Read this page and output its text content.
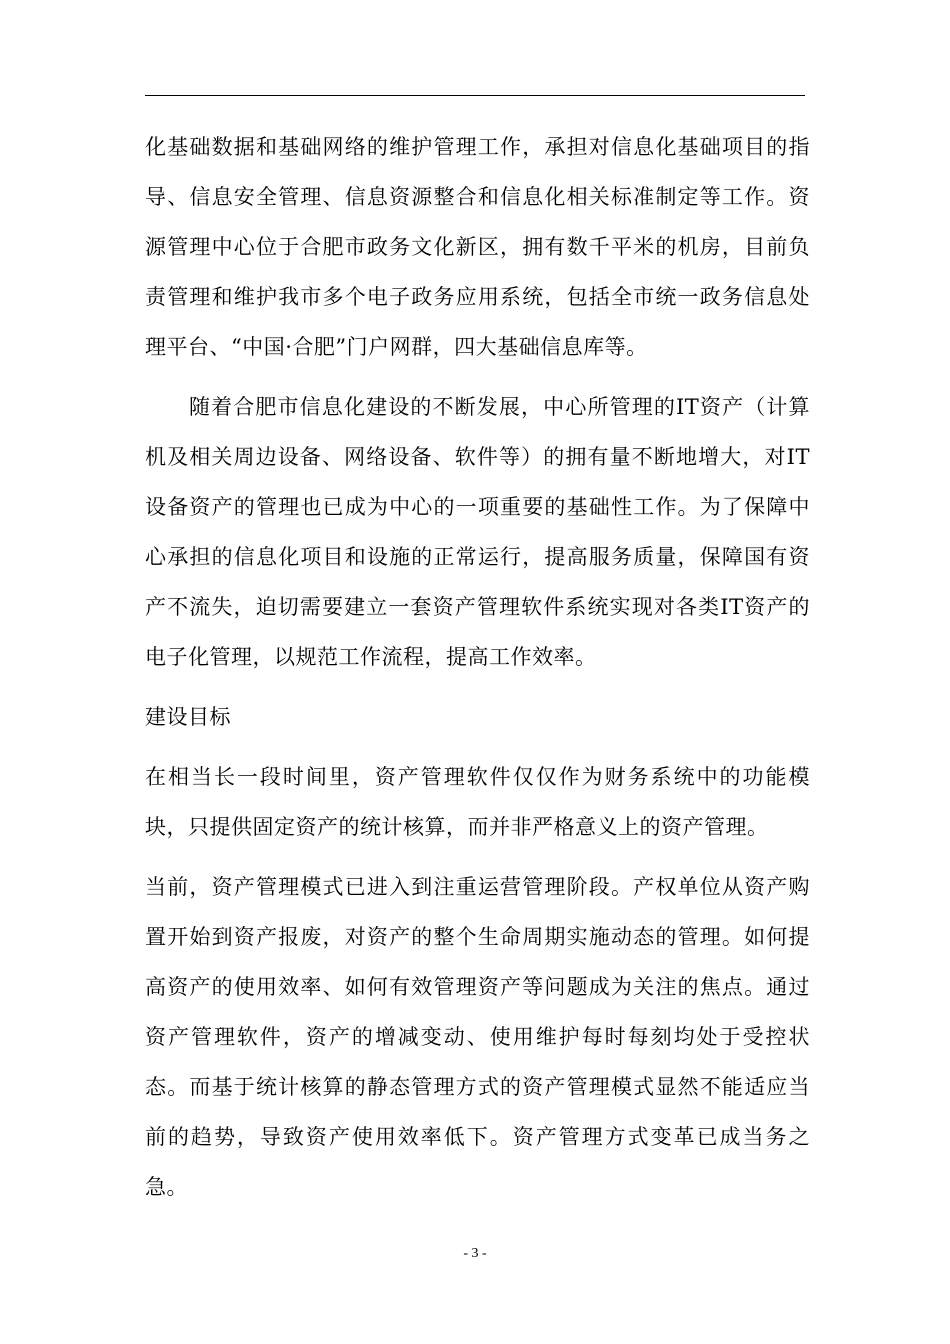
化基础数据和基础网络的维护管理工作，承担对信息化基础项目的指导、信息安全管理、信息资源整合和信息化相关标准制定等工作。资源管理中心位于合肥市政务文化新区，拥有数千平米的机房，目前负责管理和维护我市多个电子政务应用系统，包括全市统一政务信息处理平台、“中国·合肥”门户网群，四大基础信息库等。

随着合肥市信息化建设的不断发展，中心所管理的IT资产（计算机及相关周边设备、网络设备、软件等）的拥有量不断地增大，对IT设备资产的管理也已成为中心的一项重要的基础性工作。为了保障中心承担的信息化项目和设施的正常运行，提高服务质量，保障国有资产不流失，迫切需要建立一套资产管理软件系统实现对各类IT资产的电子化管理，以规范工作流程，提高工作效率。

建设目标

在相当长一段时间里，资产管理软件仅仅作为财务系统中的功能模块，只提供固定资产的统计核算，而并非严格意义上的资产管理。

当前，资产管理模式已进入到注重运营管理阶段。产权单位从资产购置开始到资产报废，对资产的整个生命周期实施动态的管理。如何提高资产的使用效率、如何有效管理资产等问题成为关注的焦点。通过资产管理软件，资产的增减变动、使用维护每时每刻均处于受控状态。而基于统计核算的静态管理方式的资产管理模式显然不能适应当前的趋势，导致资产使用效率低下。资产管理方式变革已成当务之急。

- 3 -
